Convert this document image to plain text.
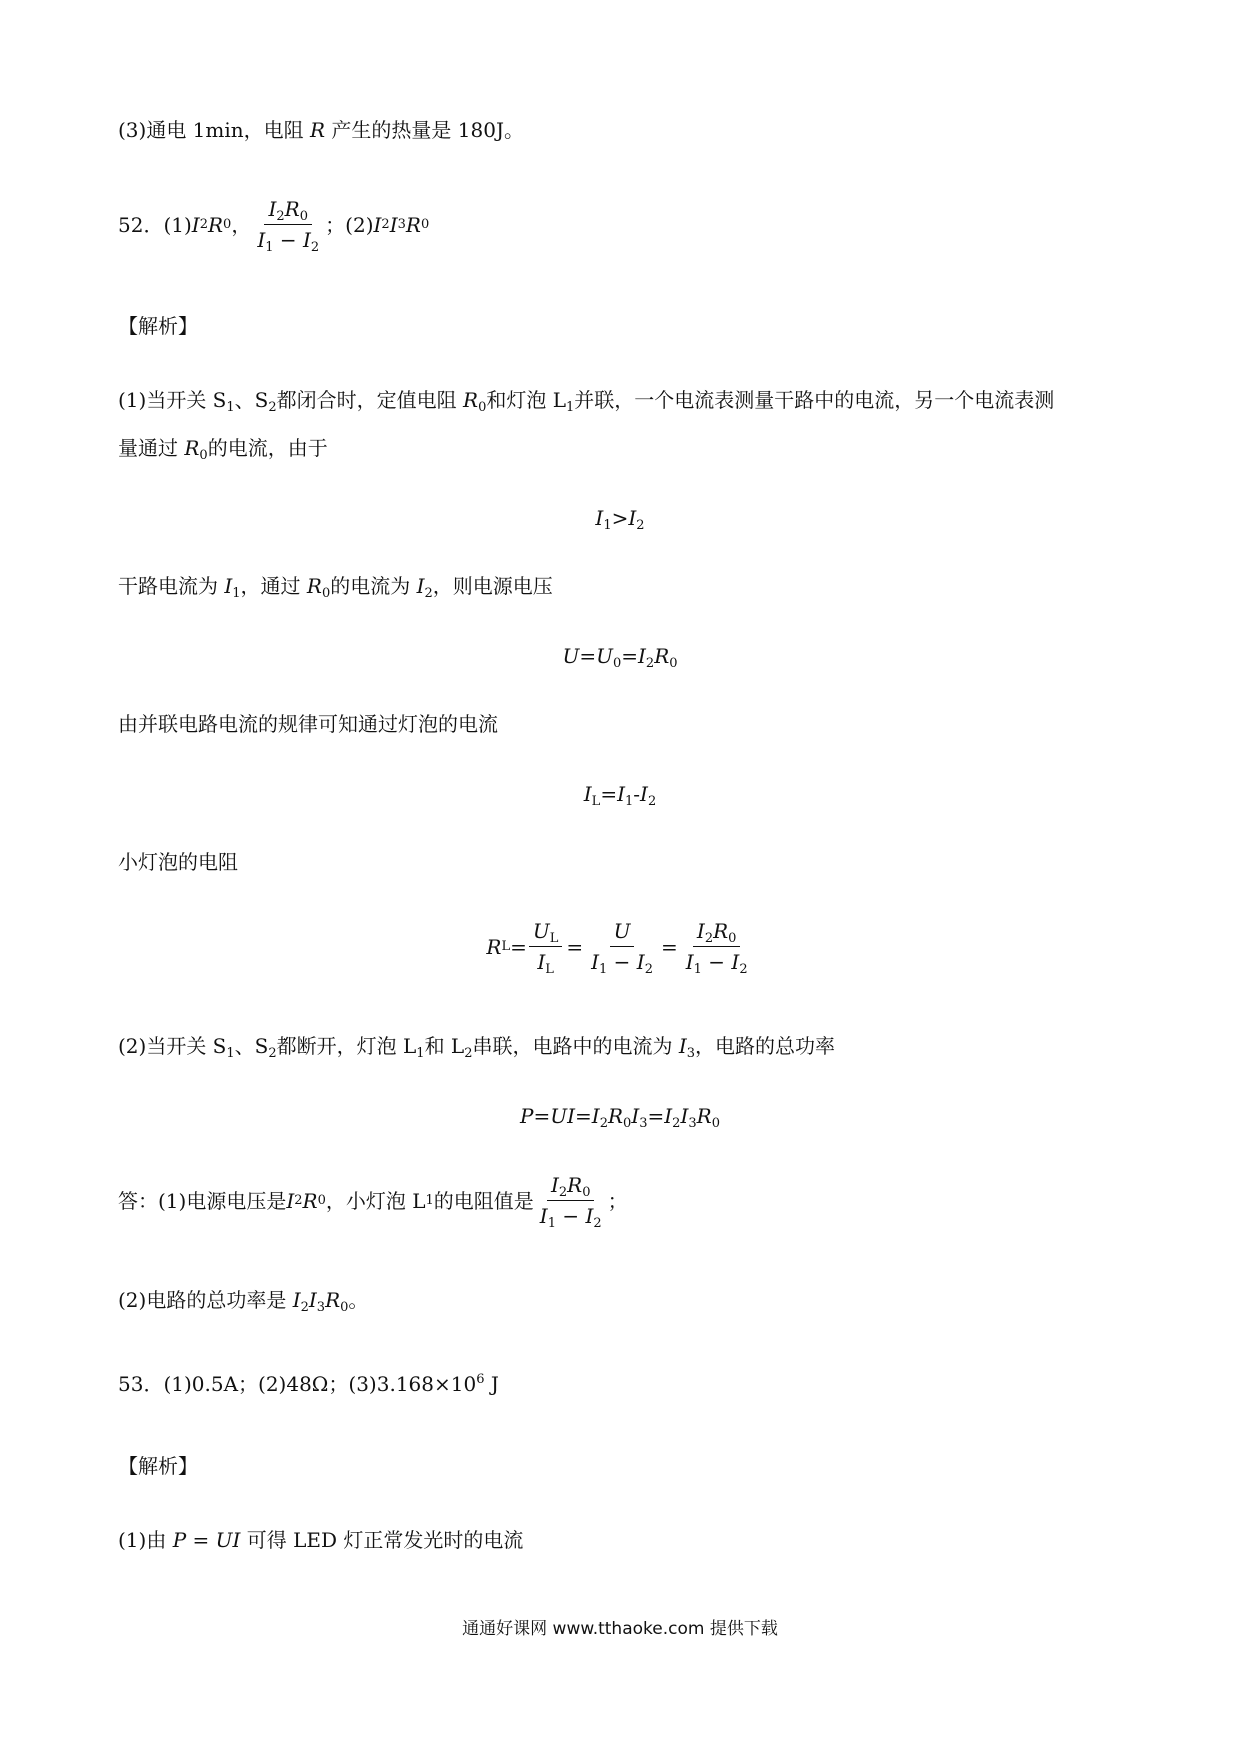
(3)通电 1min，电阻 R 产生的热量是 180J。
52．(1) I 2 R 0 ， $\frac{I_2R_0}{I_1 - I_2}$ ；(2) I 2 I 3 R 0
【解析】
(1)当开关 $S_1$、$S_2$都闭合时，定值电阻 $R_0$和灯泡 $L_1$并联，一个电流表测量干路中的电流，另一个电流表测
量通过 $R_0$的电流，由于
$I_1>I_2$
干路电流为 $I_1$，通过 $R_0$的电流为 $I_2$，则电源电压
$U=U_0=I_2R_0$
由并联电路电流的规律可知通过灯泡的电流
$I_L=I_1-I_2$
小灯泡的电阻
R $L = \frac{U_L}{I_L} = \frac{U}{I_1 - I_2} = \frac{I_2R_0}{I_1 - I_2}$
(2)当开关 $S_1$、$S_2$都断开，灯泡 $L_1$和 $L_2$串联，电路中的电流为 $I_3$，电路的总功率
$P=UI=I_2R_0I_3=I_2I_3R_0$
答：(1)电源电压是 I 2 R 0 ，小灯泡 L 1 的电阻值是 $\frac{I_2R_0}{I_1 - I_2}$ ；
(2)电路的总功率是 $I_2I_3R_0$。
53．(1)0.5A；(2)48Ω；$(3)3.168\times 10^6$ J
【解析】
(1)由 P = UI 可得 LED 灯正常发光时的电流
通通好课网 www.tthaoke.com 提供下载
